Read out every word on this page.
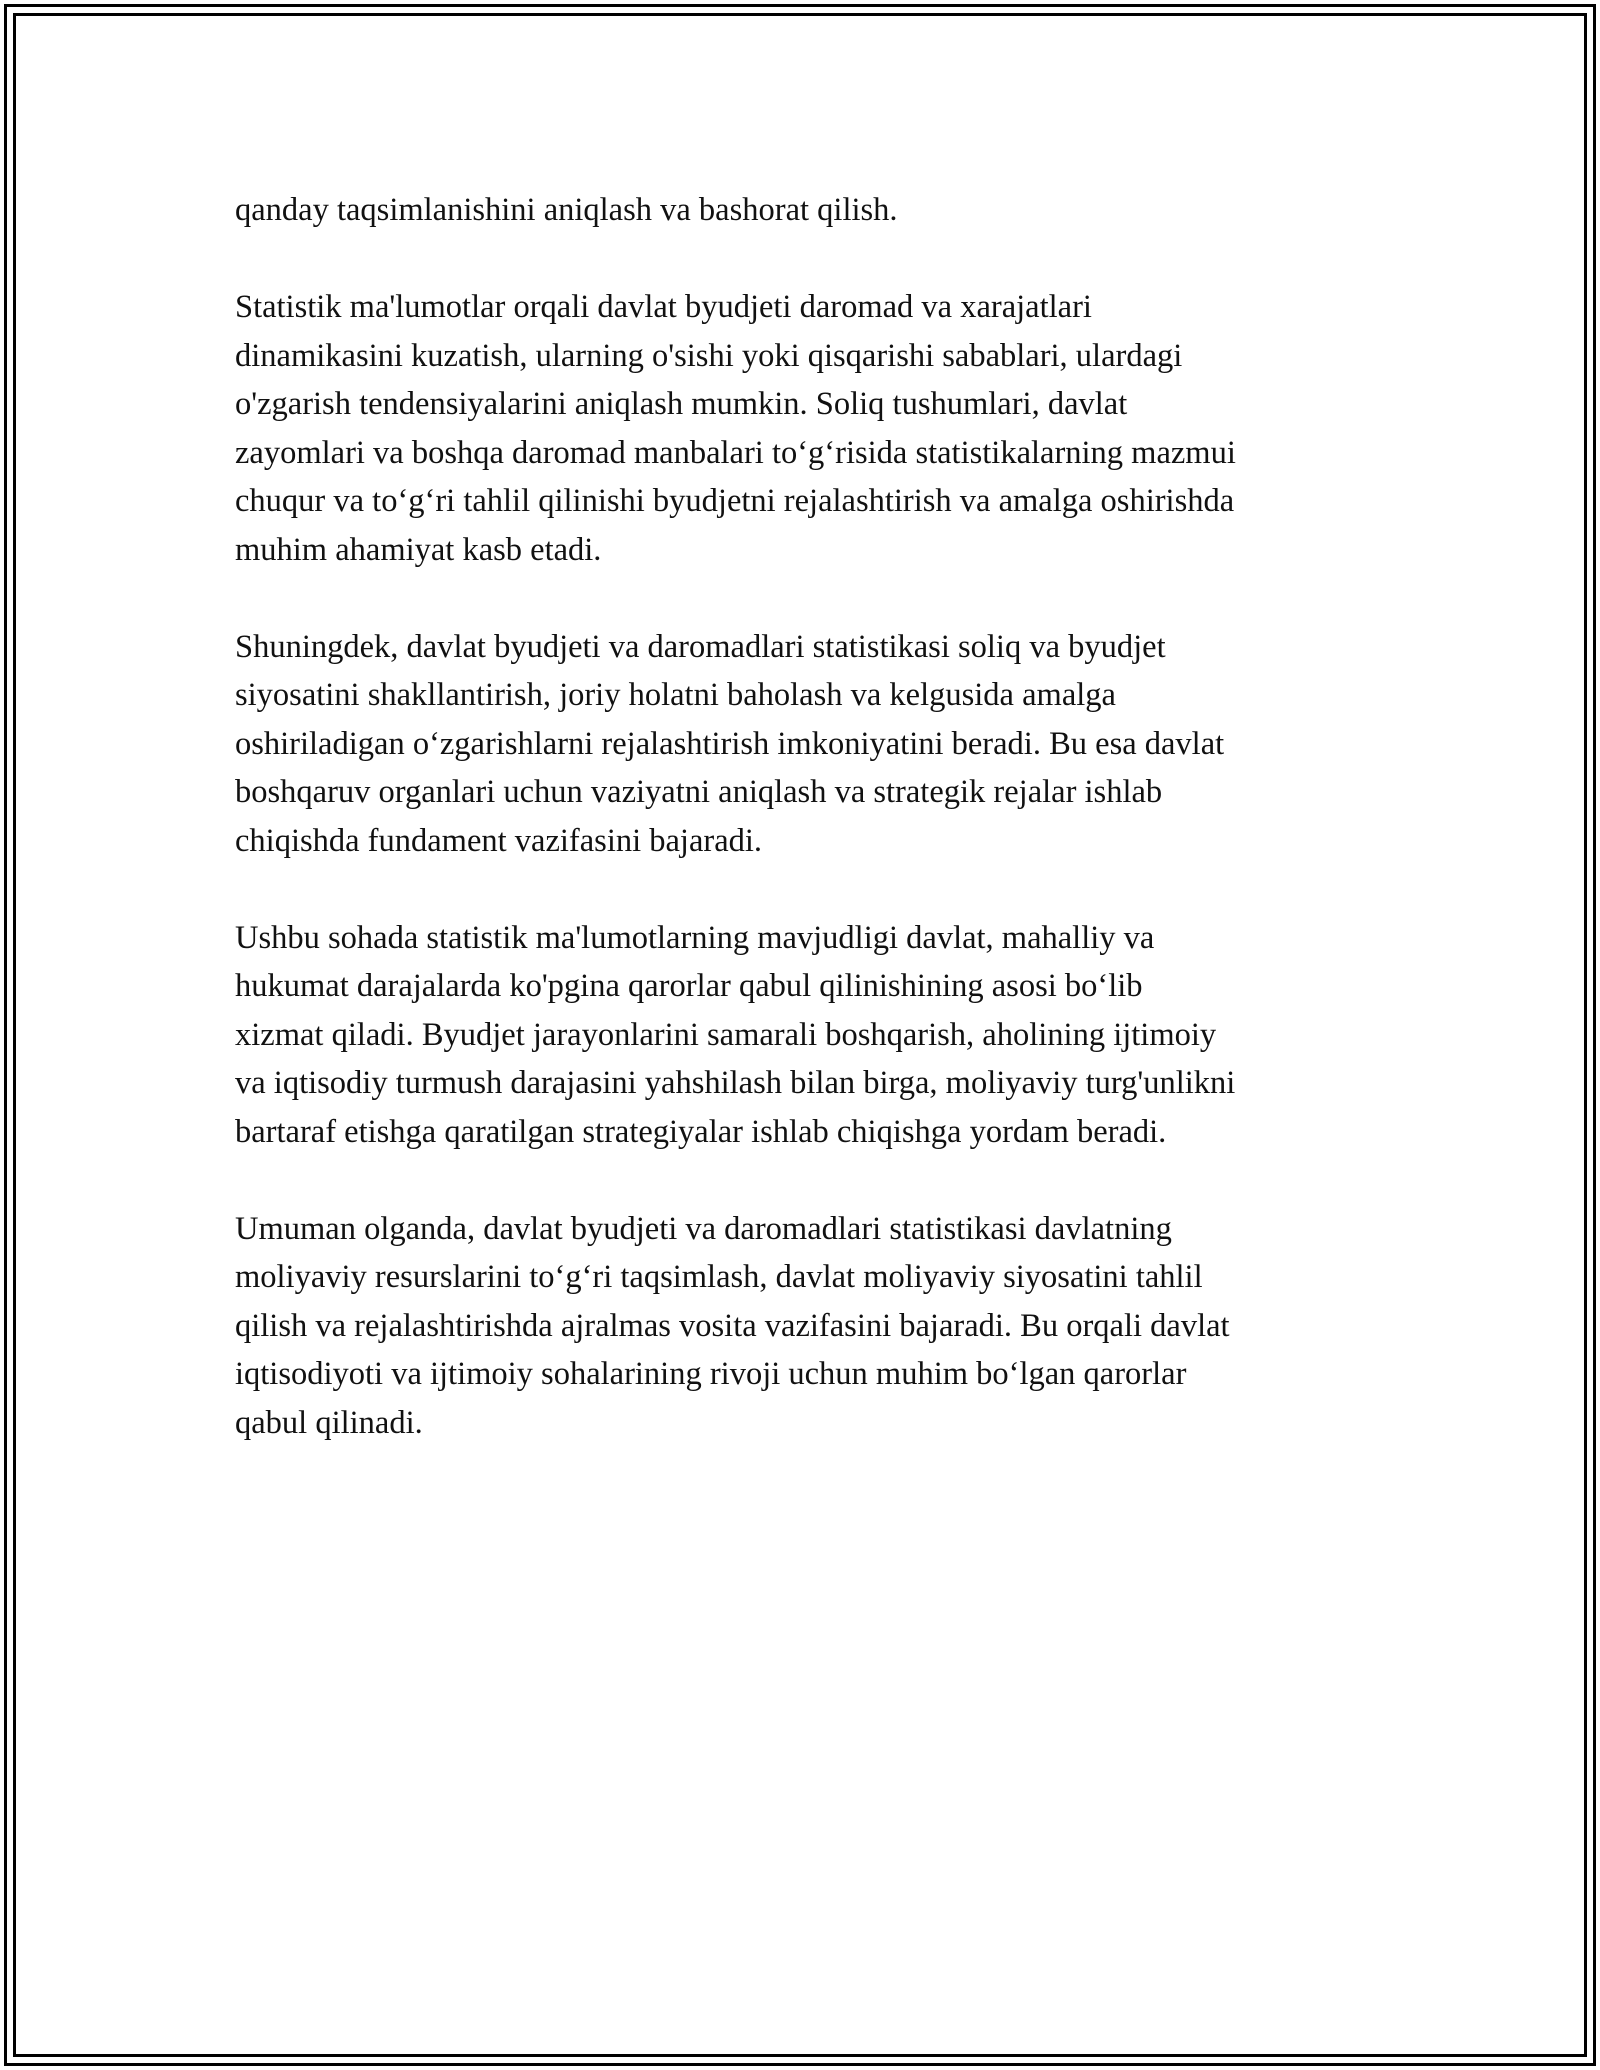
qanday taqsimlanishini aniqlash va bashorat qilish.

Statistik ma'lumotlar orqali davlat byudjeti daromad va xarajatlari
dinamikasini kuzatish, ularning o'sishi yoki qisqarishi sabablari, ulardagi
o'zgarish tendensiyalarini aniqlash mumkin. Soliq tushumlari, davlat
zayomlari va boshqa daromad manbalari to‘g‘risida statistikalarning mazmui
chuqur va to‘g‘ri tahlil qilinishi byudjetni rejalashtirish va amalga oshirishda
muhim ahamiyat kasb etadi.

Shuningdek, davlat byudjeti va daromadlari statistikasi soliq va byudjet
siyosatini shakllantirish, joriy holatni baholash va kelgusida amalga
oshiriladigan o‘zgarishlarni rejalashtirish imkoniyatini beradi. Bu esa davlat
boshqaruv organlari uchun vaziyatni aniqlash va strategik rejalar ishlab
chiqishda fundament vazifasini bajaradi.

Ushbu sohada statistik ma'lumotlarning mavjudligi davlat, mahalliy va
hukumat darajalarda ko'pgina qarorlar qabul qilinishining asosi bo‘lib
xizmat qiladi. Byudjet jarayonlarini samarali boshqarish, aholining ijtimoiy
va iqtisodiy turmush darajasini yahshilash bilan birga, moliyaviy turg'unlikni
bartaraf etishga qaratilgan strategiyalar ishlab chiqishga yordam beradi.

Umuman olganda, davlat byudjeti va daromadlari statistikasi davlatning
moliyaviy resurslarini to‘g‘ri taqsimlash, davlat moliyaviy siyosatini tahlil
qilish va rejalashtirishda ajralmas vosita vazifasini bajaradi. Bu orqali davlat
iqtisodiyoti va ijtimoiy sohalarining rivoji uchun muhim bo‘lgan qarorlar
qabul qilinadi.
